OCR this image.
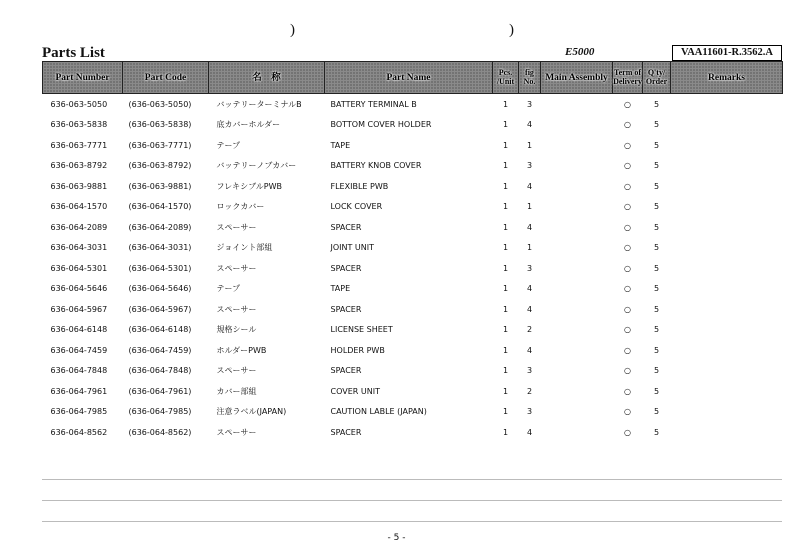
)	)
Parts List	E5000	VAA11601-R.3562.A
Part Number	Part Code	名　称	Part Name	Pcs. /Unit	fig No.	Main Assembly	Term of Delivery	Q'ty/ Order	Remarks
636-063-5050	(636-063-5050)	バッテリーターミナルB	BATTERY TERMINAL B	1	3		○	5	
636-063-5838	(636-063-5838)	底カバーホルダー	BOTTOM COVER HOLDER	1	4		○	5	
636-063-7771	(636-063-7771)	テープ	TAPE	1	1		○	5	
636-063-8792	(636-063-8792)	バッテリーノブカバー	BATTERY KNOB COVER	1	3		○	5	
636-063-9881	(636-063-9881)	フレキシブルPWB	FLEXIBLE PWB	1	4		○	5	
636-064-1570	(636-064-1570)	ロックカバー	LOCK COVER	1	1		○	5	
636-064-2089	(636-064-2089)	スペーサー	SPACER	1	4		○	5	
636-064-3031	(636-064-3031)	ジョイント部組	JOINT UNIT	1	1		○	5	
636-064-5301	(636-064-5301)	スペーサー	SPACER	1	3		○	5	
636-064-5646	(636-064-5646)	テープ	TAPE	1	4		○	5	
636-064-5967	(636-064-5967)	スペーサー	SPACER	1	4		○	5	
636-064-6148	(636-064-6148)	規格シール	LICENSE SHEET	1	2		○	5	
636-064-7459	(636-064-7459)	ホルダーPWB	HOLDER PWB	1	4		○	5	
636-064-7848	(636-064-7848)	スペーサー	SPACER	1	3		○	5	
636-064-7961	(636-064-7961)	カバー部組	COVER UNIT	1	2		○	5	
636-064-7985	(636-064-7985)	注意ラベル(JAPAN)	CAUTION LABLE (JAPAN)	1	3		○	5	
636-064-8562	(636-064-8562)	スペーサー	SPACER	1	4		○	5	
- 5 -
